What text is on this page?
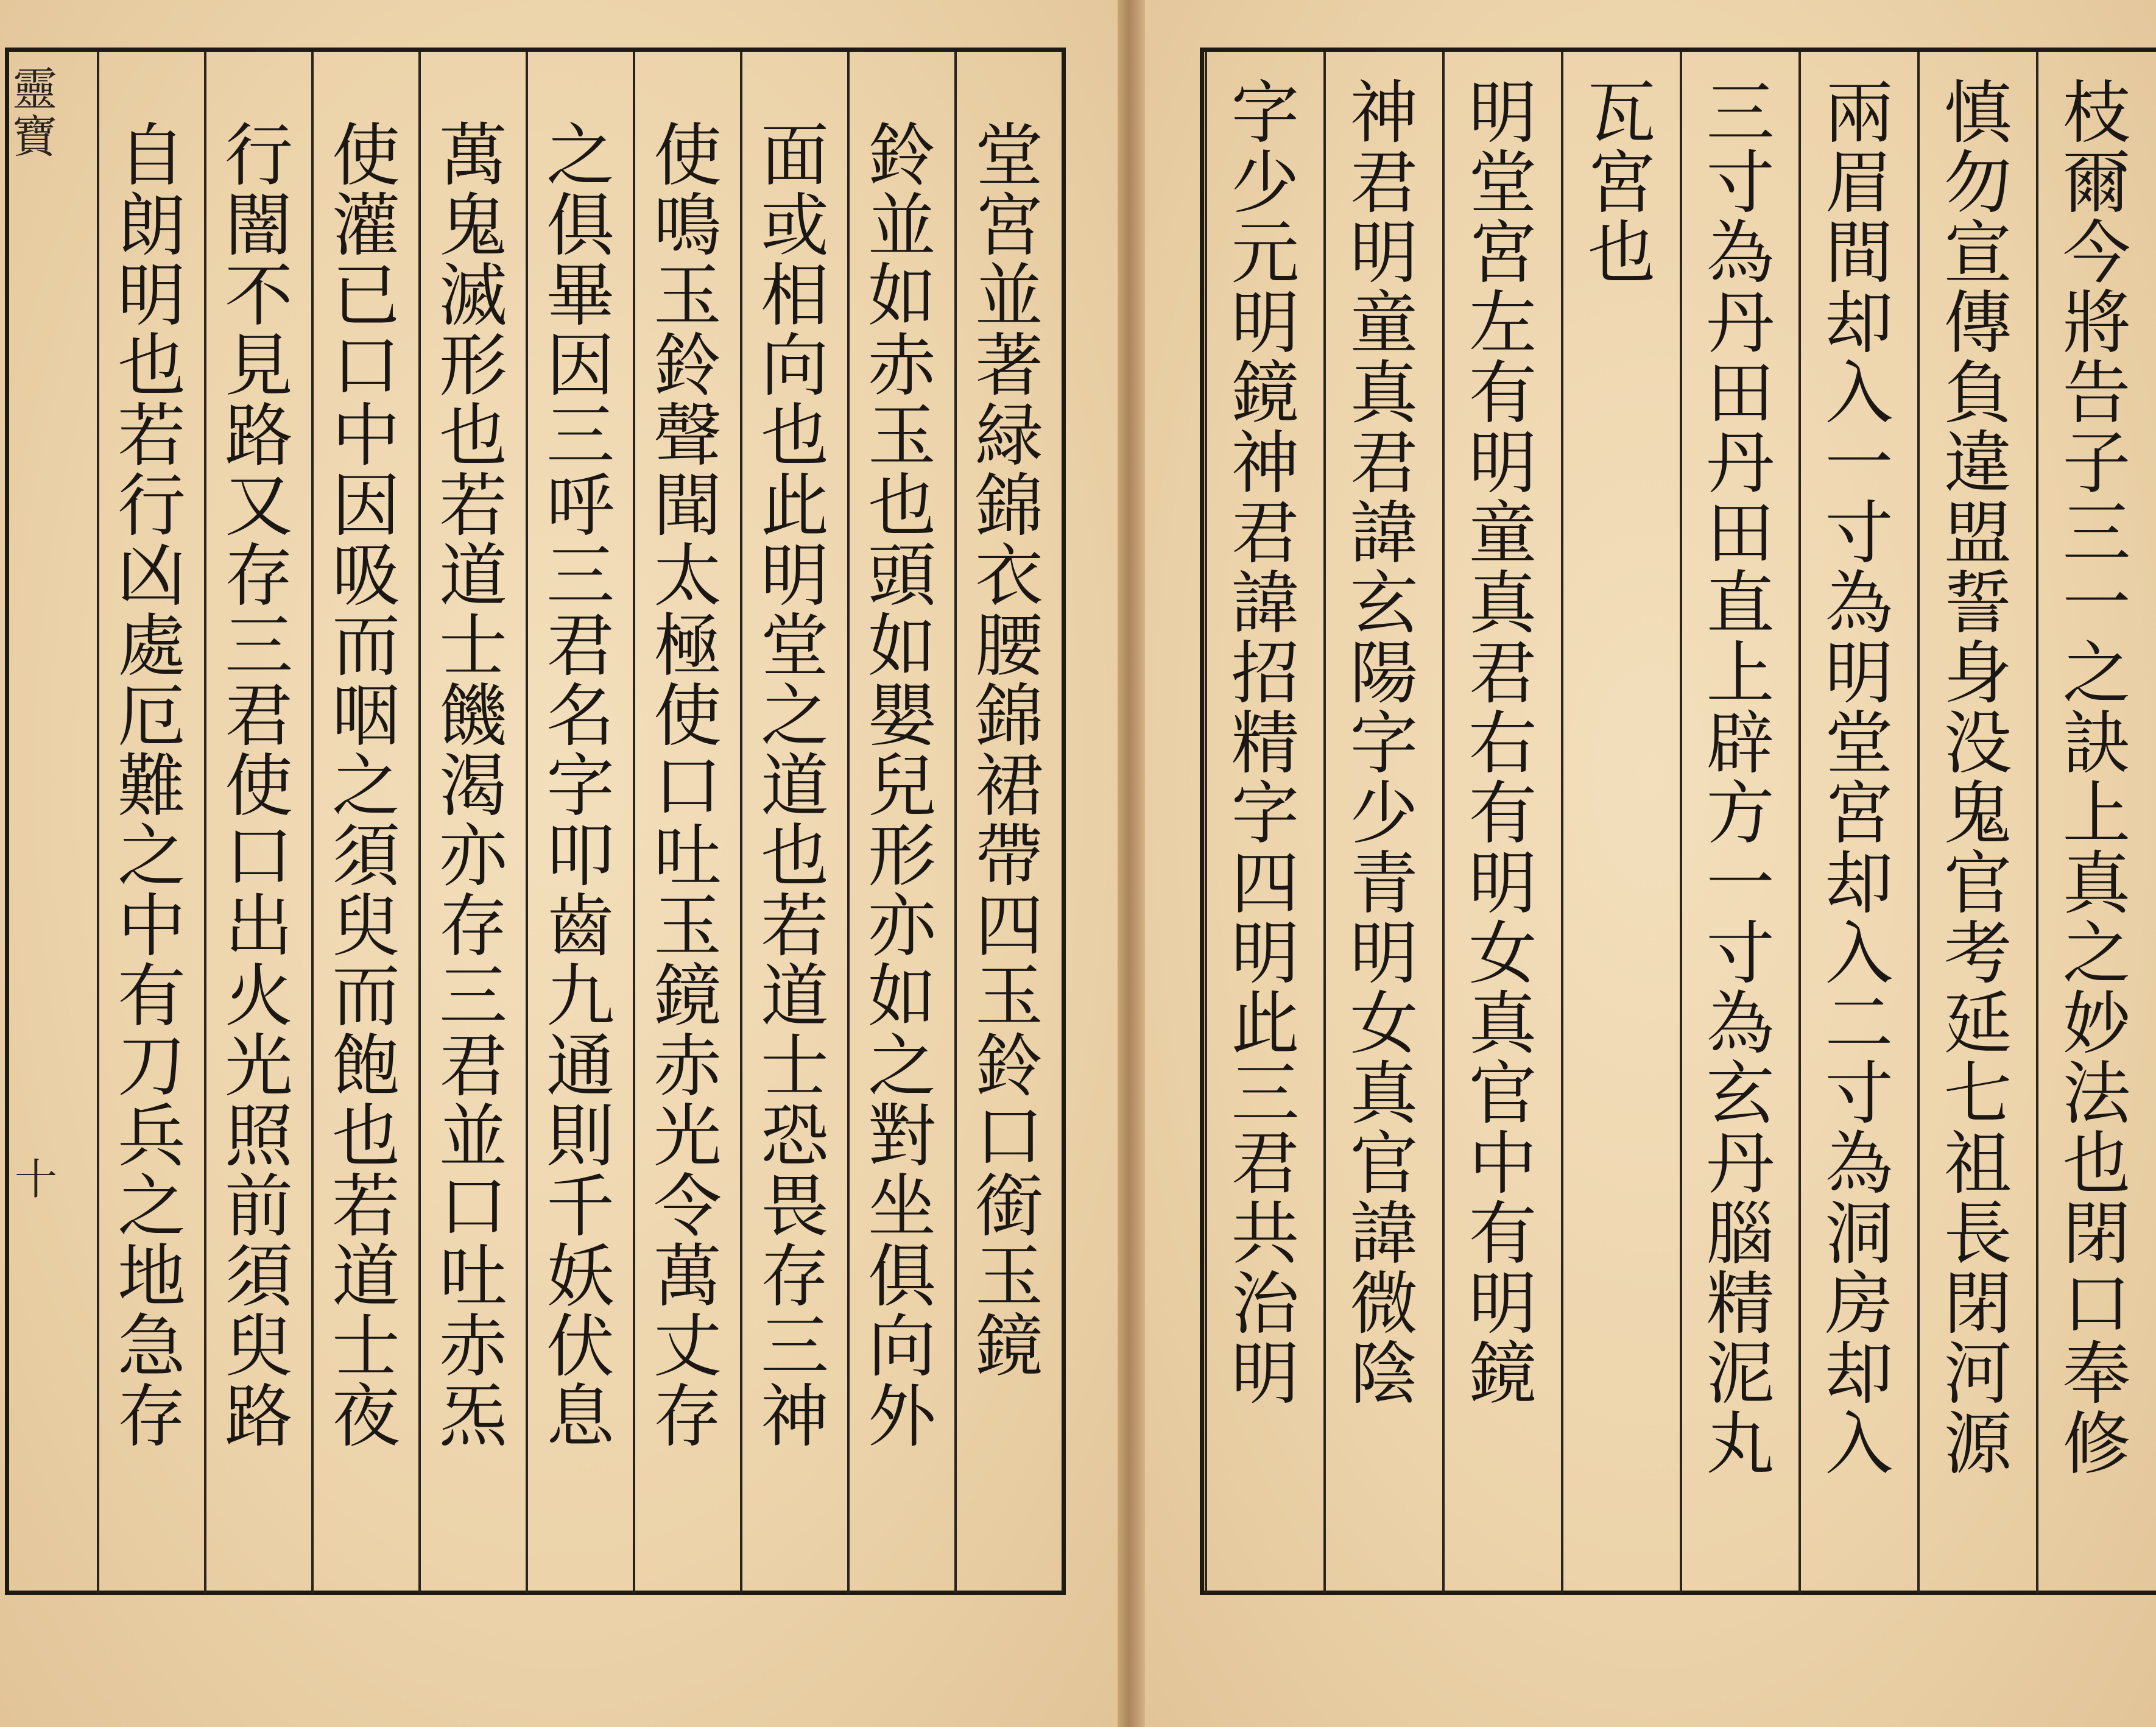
靈
寶
十
堂
宮
並
著
緑
錦
衣
腰
錦
裙
帶
四
玉
鈴
口
銜
玉
鏡
鈴
並
如
赤
玉
也
頭
如
嬰
兒
形
亦
如
之
對
坐
俱
向
外
面
或
相
向
也
此
明
堂
之
道
也
若
道
士
恐
畏
存
三
神
使
鳴
玉
鈴
聲
聞
太
極
使
口
吐
玉
鏡
赤
光
令
萬
丈
存
之
俱
畢
因
三
呼
三
君
名
字
叩
齒
九
通
則
千
妖
伏
息
萬
鬼
滅
形
也
若
道
士
饑
渴
亦
存
三
君
並
口
吐
赤
炁
使
灌
已
口
中
因
吸
而
咽
之
須
臾
而
飽
也
若
道
士
夜
行
闇
不
見
路
又
存
三
君
使
口
出
火
光
照
前
須
臾
路
自
朗
明
也
若
行
凶
處
厄
難
之
中
有
刀
兵
之
地
急
存
枝
爾
今
將
告
子
三
一
之
訣
上
真
之
妙
法
也
閉
口
奉
修
慎
勿
宣
傳
負
違
盟
誓
身
没
鬼
官
考
延
七
祖
長
閉
河
源
兩
眉
間
却
入
一
寸
為
明
堂
宮
却
入
二
寸
為
洞
房
却
入
三
寸
為
丹
田
丹
田
直
上
辟
方
一
寸
為
玄
丹
腦
精
泥
丸
瓦
宮
也
明
堂
宮
左
有
明
童
真
君
右
有
明
女
真
官
中
有
明
鏡
神
君
明
童
真
君
諱
玄
陽
字
少
青
明
女
真
官
諱
微
陰
字
少
元
明
鏡
神
君
諱
招
精
字
四
明
此
三
君
共
治
明
